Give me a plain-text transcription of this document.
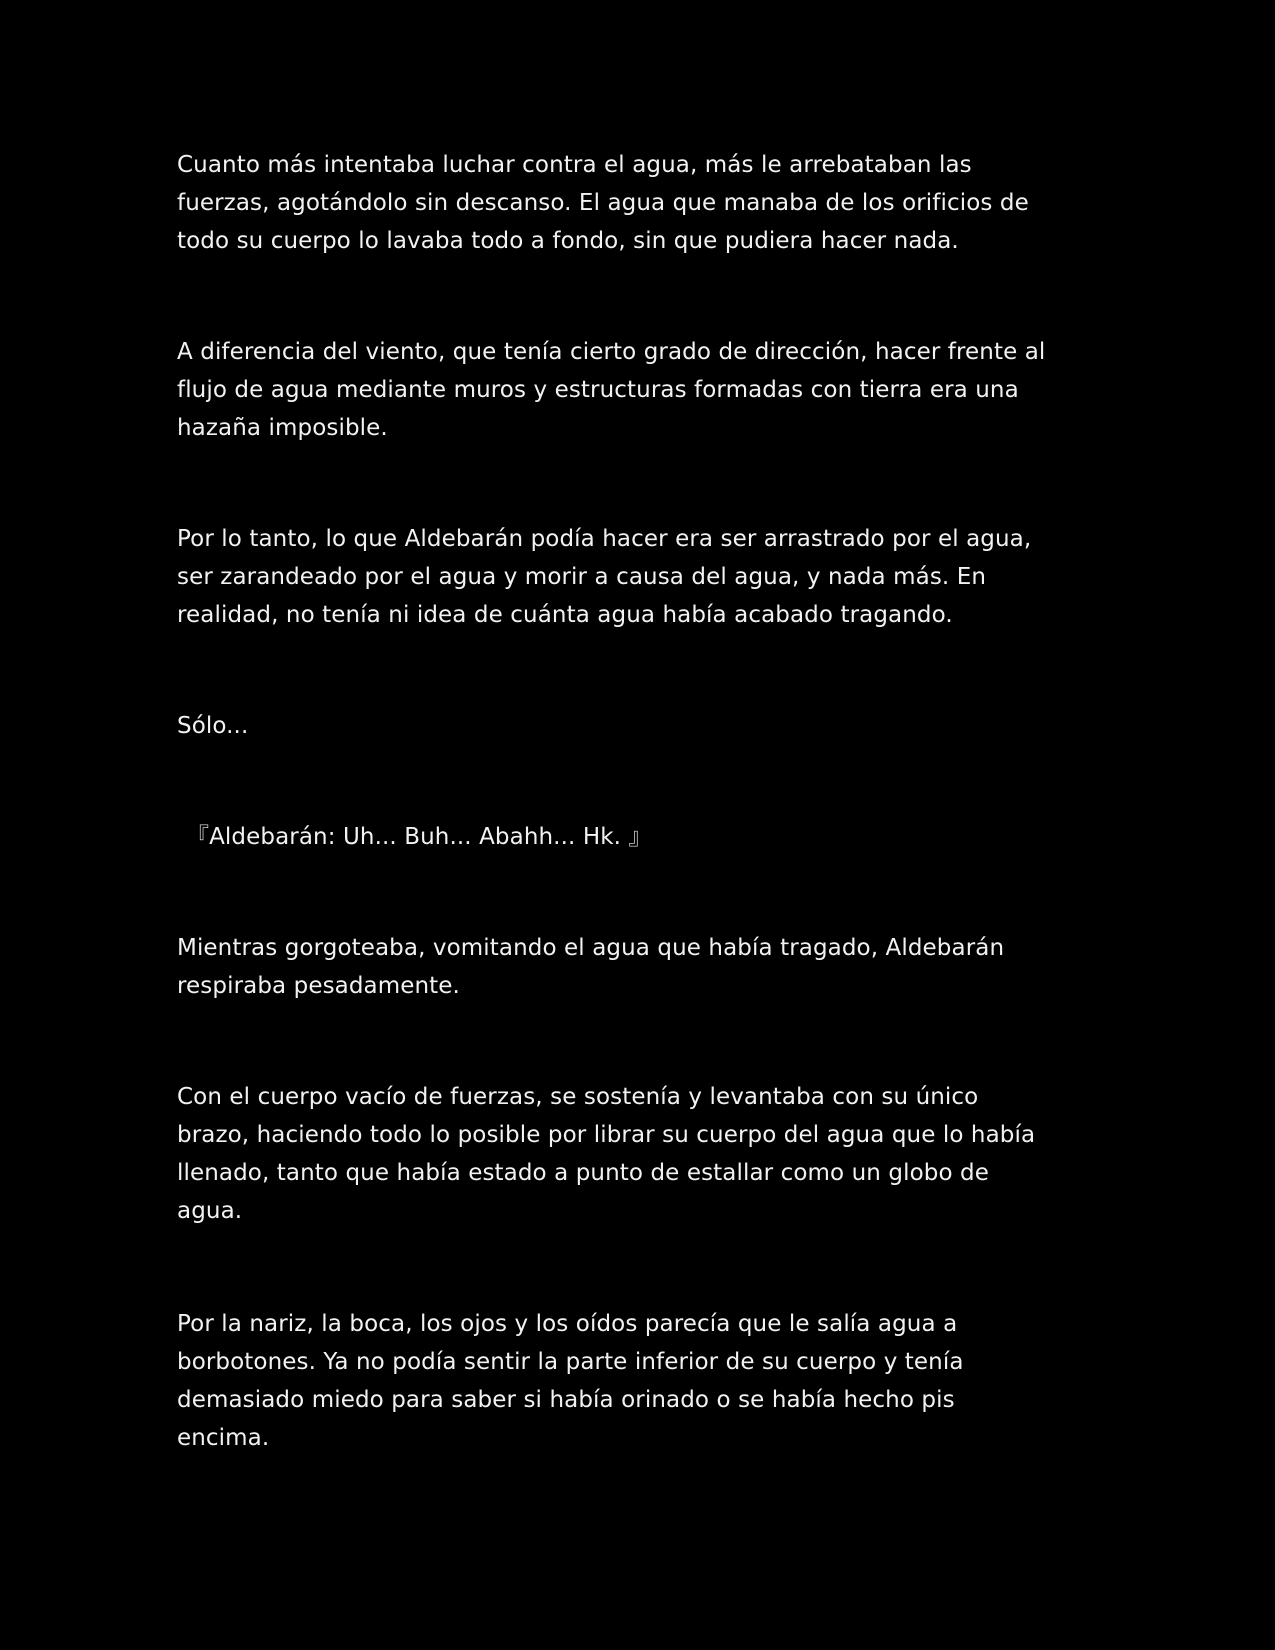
Cuanto más intentaba luchar contra el agua, más le arrebataban las
fuerzas, agotándolo sin descanso. El agua que manaba de los orificios de
todo su cuerpo lo lavaba todo a fondo, sin que pudiera hacer nada.

A diferencia del viento, que tenía cierto grado de dirección, hacer frente al
flujo de agua mediante muros y estructuras formadas con tierra era una
hazaña imposible.

Por lo tanto, lo que Aldebarán podía hacer era ser arrastrado por el agua,
ser zarandeado por el agua y morir a causa del agua, y nada más. En
realidad, no tenía ni idea de cuánta agua había acabado tragando.

Sólo...

『Aldebarán: Uh... Buh... Abahh... Hk. 』

Mientras gorgoteaba, vomitando el agua que había tragado, Aldebarán
respiraba pesadamente.

Con el cuerpo vacío de fuerzas, se sostenía y levantaba con su único
brazo, haciendo todo lo posible por librar su cuerpo del agua que lo había
llenado, tanto que había estado a punto de estallar como un globo de
agua.

Por la nariz, la boca, los ojos y los oídos parecía que le salía agua a
borbotones. Ya no podía sentir la parte inferior de su cuerpo y tenía
demasiado miedo para saber si había orinado o se había hecho pis
encima.
